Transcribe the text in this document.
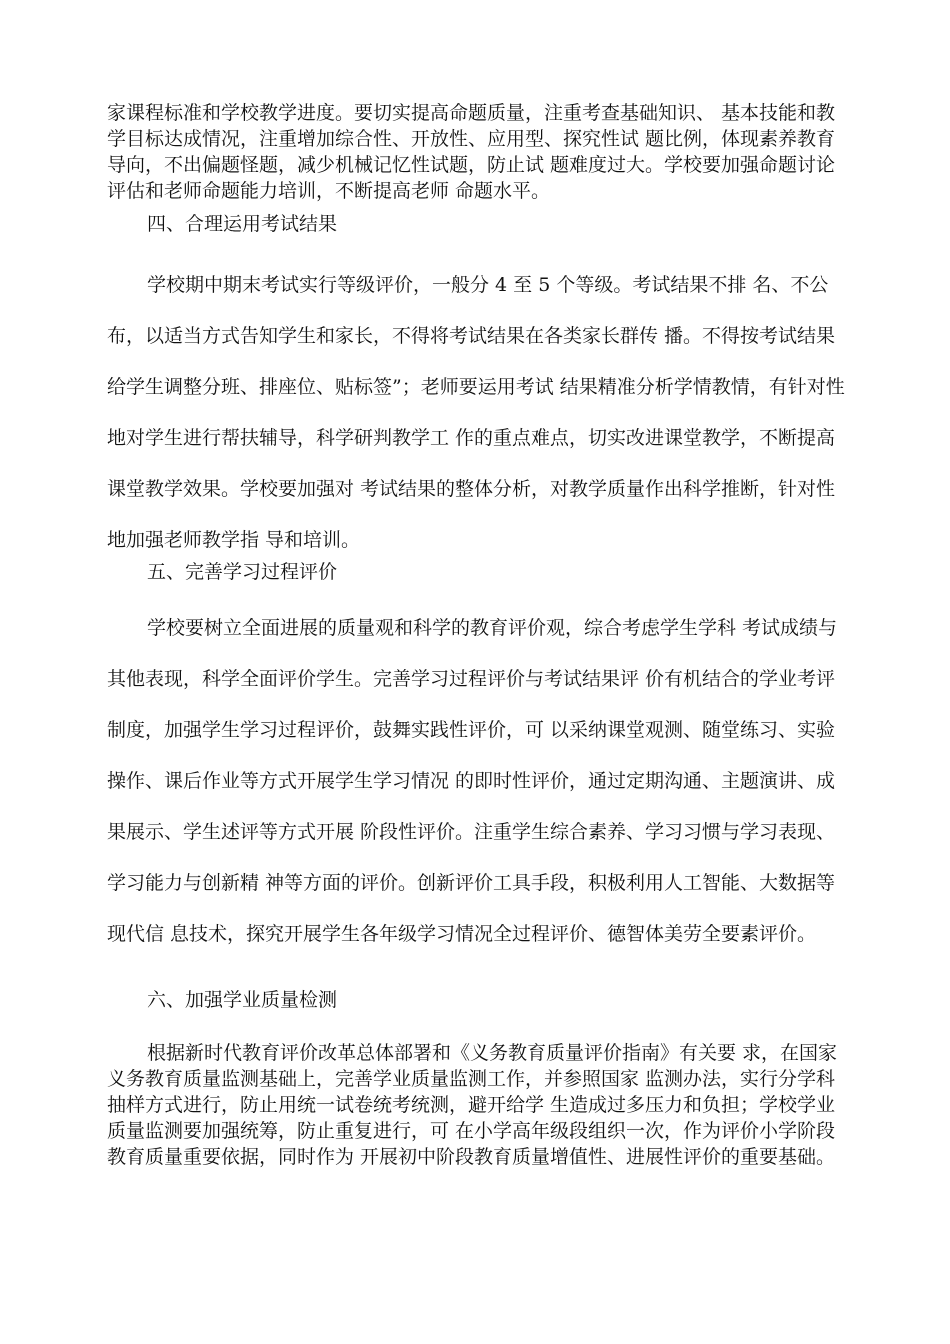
家课程标准和学校教学进度。要切实提高命题质量，注重考查基础知识、 基本技能和教学目标达成情况，注重增加综合性、开放性、应用型、探究性试 题比例，体现素养教育导向，不出偏题怪题，减少机械记忆性试题，防止试 题难度过大。学校要加强命题讨论评估和老师命题能力培训，不断提高老师 命题水平。

四、合理运用考试结果

学校期中期末考试实行等级评价，一般分 4 至 5 个等级。考试结果不排 名、不公布，以适当方式告知学生和家长，不得将考试结果在各类家长群传 播。不得按考试结果给学生调整分班、排座位、贴标签”；老师要运用考试 结果精准分析学情教情，有针对性地对学生进行帮扶辅导，科学研判教学工 作的重点难点，切实改进课堂教学，不断提高课堂教学效果。学校要加强对 考试结果的整体分析，对教学质量作出科学推断，针对性地加强老师教学指 导和培训。

五、完善学习过程评价

学校要树立全面进展的质量观和科学的教育评价观，综合考虑学生学科 考试成绩与其他表现，科学全面评价学生。完善学习过程评价与考试结果评 价有机结合的学业考评制度，加强学生学习过程评价，鼓舞实践性评价，可 以采纳课堂观测、随堂练习、实验操作、课后作业等方式开展学生学习情况 的即时性评价，通过定期沟通、主题演讲、成果展示、学生述评等方式开展 阶段性评价。注重学生综合素养、学习习惯与学习表现、学习能力与创新精 神等方面的评价。创新评价工具手段，积极利用人工智能、大数据等现代信 息技术，探究开展学生各年级学习情况全过程评价、德智体美劳全要素评价。

六、加强学业质量检测

根据新时代教育评价改革总体部署和《义务教育质量评价指南》有关要 求，在国家义务教育质量监测基础上，完善学业质量监测工作，并参照国家 监测办法，实行分学科抽样方式进行，防止用统一试卷统考统测，避开给学 生造成过多压力和负担；学校学业质量监测要加强统筹，防止重复进行，可 在小学高年级段组织一次，作为评价小学阶段教育质量重要依据，同时作为 开展初中阶段教育质量增值性、进展性评价的重要基础。
